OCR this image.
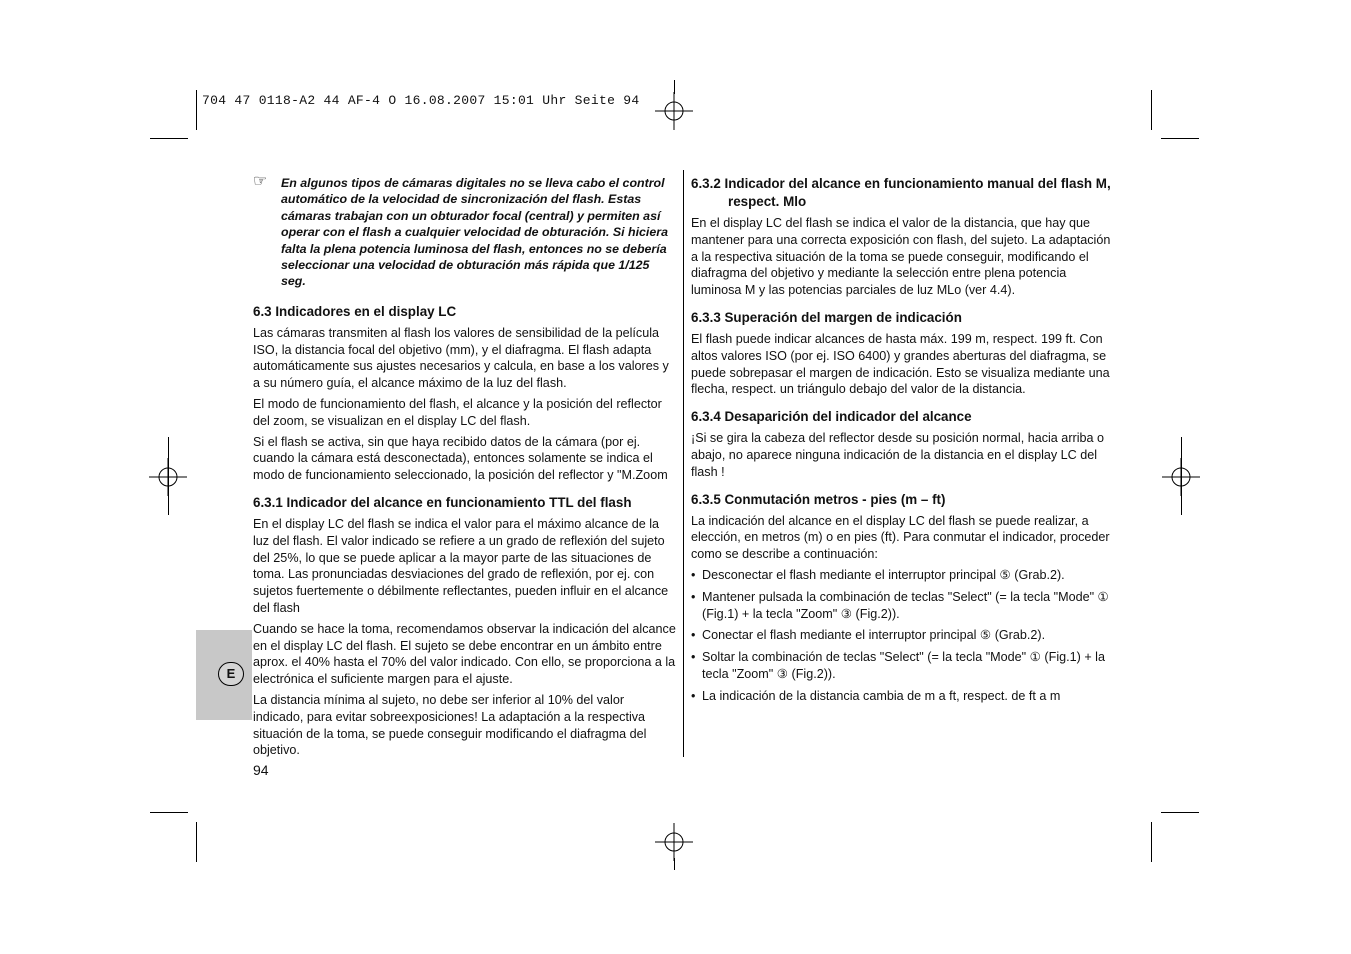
704 47 0118-A2 44 AF-4 O 16.08.2007 15:01 Uhr Seite 94
E
☞ En algunos tipos de cámaras digitales no se lleva cabo el control automático de la velocidad de sincronización del flash. Estas cámaras trabajan con un obturador focal (central) y permiten así operar con el flash a cualquier velocidad de obturación. Si hiciera falta la plena potencia luminosa del flash, entonces no se debería seleccionar una velocidad de obturación más rápida que 1/125 seg.
6.3 Indicadores en el display LC

Las cámaras transmiten al flash los valores de sensibilidad de la película ISO, la distancia focal del objetivo (mm), y el diafragma. El flash adapta automáticamente sus ajustes necesarios y calcula, en base a los valores y a su número guía, el alcance máximo de la luz del flash.

El modo de funcionamiento del flash, el alcance y la posición del reflector del zoom, se visualizan en el display LC del flash.

Si el flash se activa, sin que haya recibido datos de la cámara (por ej. cuando la cámara está desconectada), entonces solamente se indica el modo de funcionamiento seleccionado, la posición del reflector y "M.Zoom

6.3.1 Indicador del alcance en funcionamiento TTL del flash

En el display LC del flash se indica el valor para el máximo alcance de la luz del flash. El valor indicado se refiere a un grado de reflexión del sujeto del 25%, lo que se puede aplicar a la mayor parte de las situaciones de toma. Las pronunciadas desviaciones del grado de reflexión, por ej. con sujetos fuertemente o débilmente reflectantes, pueden influir en el alcance del flash

Cuando se hace la toma, recomendamos observar la indicación del alcance en el display LC del flash. El sujeto se debe encontrar en un ámbito entre aprox. el 40% hasta el 70% del valor indicado. Con ello, se proporciona a la electrónica el suficiente margen para el ajuste.

La distancia mínima al sujeto, no debe ser inferior al 10% del valor indicado, para evitar sobreexposiciones! La adaptación a la respectiva situación de la toma, se puede conseguir modificando el diafragma del objetivo.

6.3.2 Indicador del alcance en funcionamiento manual del flash M, respect. Mlo

En el display LC del flash se indica el valor de la distancia, que hay que mantener para una correcta exposición con flash, del sujeto. La adaptación a la respectiva situación de la toma se puede conseguir, modificando el diafragma del objetivo y mediante la selección entre plena potencia luminosa M y las potencias parciales de luz MLo (ver 4.4).

6.3.3 Superación del margen de indicación

El flash puede indicar alcances de hasta máx. 199 m, respect. 199 ft. Con altos valores ISO (por ej. ISO 6400) y grandes aberturas del diafragma, se puede sobrepasar el margen de indicación. Esto se visualiza mediante una flecha, respect. un triángulo debajo del valor de la distancia.

6.3.4 Desaparición del indicador del alcance

¡Si se gira la cabeza del reflector desde su posición normal, hacia arriba o abajo, no aparece ninguna indicación de la distancia en el display LC del flash !

6.3.5 Conmutación metros - pies (m – ft)

La indicación del alcance en el display LC del flash se puede realizar, a elección, en metros (m) o en pies (ft). Para conmutar el indicador, proceder como se describe a continuación:

• Desconectar el flash mediante el interruptor principal ⑤ (Grab.2).
• Mantener pulsada la combinación de teclas "Select" (= la tecla "Mode" ① (Fig.1) + la tecla "Zoom" ③ (Fig.2)).
• Conectar el flash mediante el interruptor principal ⑤ (Grab.2).
• Soltar la combinación de teclas "Select" (= la tecla "Mode" ① (Fig.1) + la tecla "Zoom" ③ (Fig.2)).
• La indicación de la distancia cambia de m a ft, respect. de ft a m
94
